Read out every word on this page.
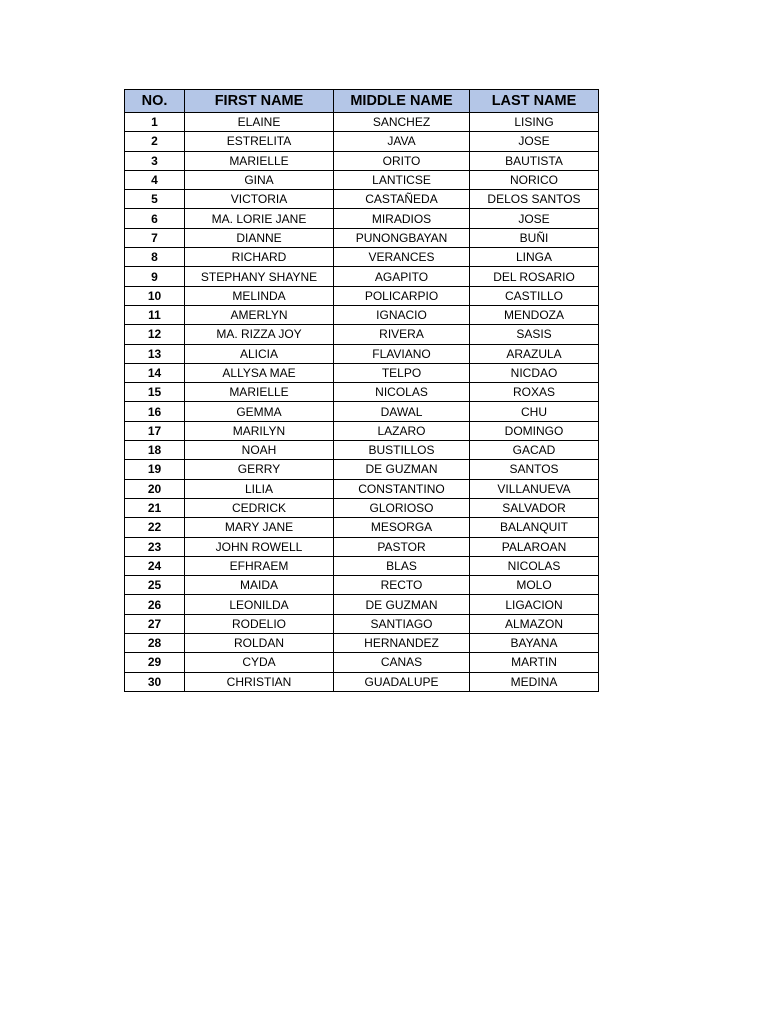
NO.	FIRST NAME	MIDDLE NAME	LAST NAME
1	ELAINE	SANCHEZ	LISING
2	ESTRELITA	JAVA	JOSE
3	MARIELLE	ORITO	BAUTISTA
4	GINA	LANTICSE	NORICO
5	VICTORIA	CASTAÑEDA	DELOS SANTOS
6	MA. LORIE JANE	MIRADIOS	JOSE
7	DIANNE	PUNONGBAYAN	BUÑI
8	RICHARD	VERANCES	LINGA
9	STEPHANY SHAYNE	AGAPITO	DEL ROSARIO
10	MELINDA	POLICARPIO	CASTILLO
11	AMERLYN	IGNACIO	MENDOZA
12	MA. RIZZA JOY	RIVERA	SASIS
13	ALICIA	FLAVIANO	ARAZULA
14	ALLYSA MAE	TELPO	NICDAO
15	MARIELLE	NICOLAS	ROXAS
16	GEMMA	DAWAL	CHU
17	MARILYN	LAZARO	DOMINGO
18	NOAH	BUSTILLOS	GACAD
19	GERRY	DE GUZMAN	SANTOS
20	LILIA	CONSTANTINO	VILLANUEVA
21	CEDRICK	GLORIOSO	SALVADOR
22	MARY JANE	MESORGA	BALANQUIT
23	JOHN ROWELL	PASTOR	PALAROAN
24	EFHRAEM	BLAS	NICOLAS
25	MAIDA	RECTO	MOLO
26	LEONILDA	DE GUZMAN	LIGACION
27	RODELIO	SANTIAGO	ALMAZON
28	ROLDAN	HERNANDEZ	BAYANA
29	CYDA	CANAS	MARTIN
30	CHRISTIAN	GUADALUPE	MEDINA
